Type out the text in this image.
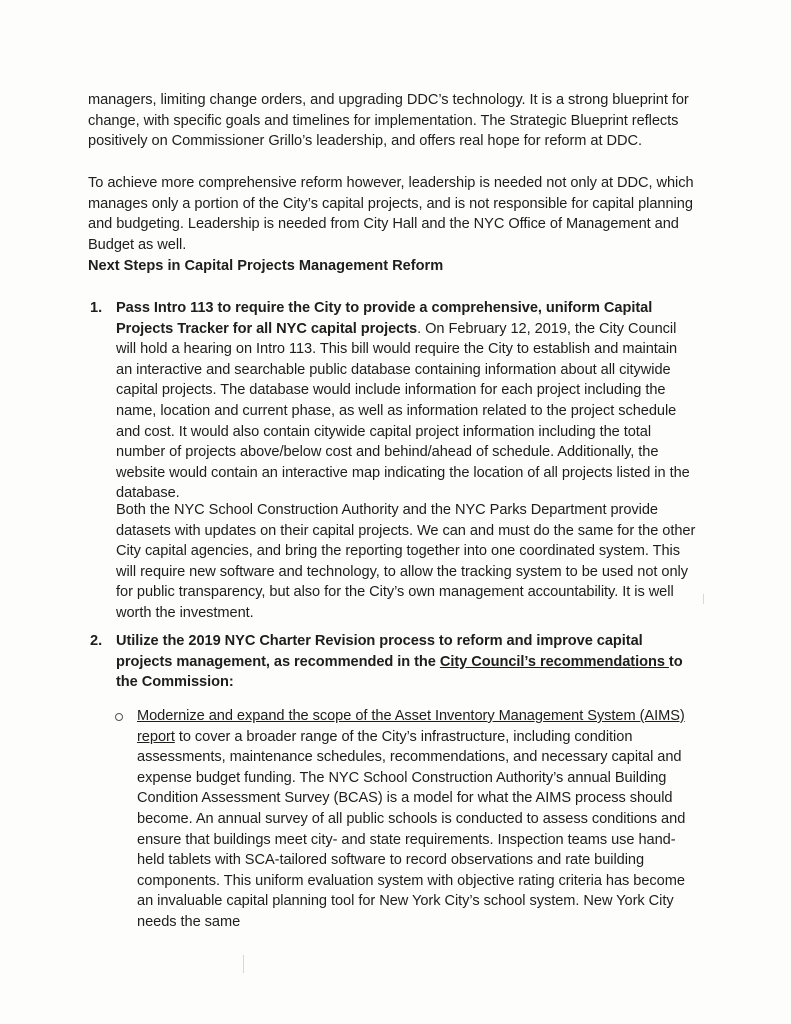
managers, limiting change orders, and upgrading DDC’s technology. It is a strong blueprint for change, with specific goals and timelines for implementation. The Strategic Blueprint reflects positively on Commissioner Grillo’s leadership, and offers real hope for reform at DDC.

To achieve more comprehensive reform however, leadership is needed not only at DDC, which manages only a portion of the City’s capital projects, and is not responsible for capital planning and budgeting. Leadership is needed from City Hall and the NYC Office of Management and Budget as well.

Next Steps in Capital Projects Management Reform

1. Pass Intro 113 to require the City to provide a comprehensive, uniform Capital Projects Tracker for all NYC capital projects. On February 12, 2019, the City Council will hold a hearing on Intro 113. This bill would require the City to establish and maintain an interactive and searchable public database containing information about all citywide capital projects. The database would include information for each project including the name, location and current phase, as well as information related to the project schedule and cost. It would also contain citywide capital project information including the total number of projects above/below cost and behind/ahead of schedule. Additionally, the website would contain an interactive map indicating the location of all projects listed in the database.

Both the NYC School Construction Authority and the NYC Parks Department provide datasets with updates on their capital projects. We can and must do the same for the other City capital agencies, and bring the reporting together into one coordinated system. This will require new software and technology, to allow the tracking system to be used not only for public transparency, but also for the City’s own management accountability. It is well worth the investment.

2. Utilize the 2019 NYC Charter Revision process to reform and improve capital projects management, as recommended in the City Council’s recommendations to the Commission:

Modernize and expand the scope of the Asset Inventory Management System (AIMS) report to cover a broader range of the City’s infrastructure, including condition assessments, maintenance schedules, recommendations, and necessary capital and expense budget funding. The NYC School Construction Authority’s annual Building Condition Assessment Survey (BCAS) is a model for what the AIMS process should become. An annual survey of all public schools is conducted to assess conditions and ensure that buildings meet city- and state requirements. Inspection teams use hand-held tablets with SCA-tailored software to record observations and rate building components. This uniform evaluation system with objective rating criteria has become an invaluable capital planning tool for New York City’s school system. New York City needs the same
